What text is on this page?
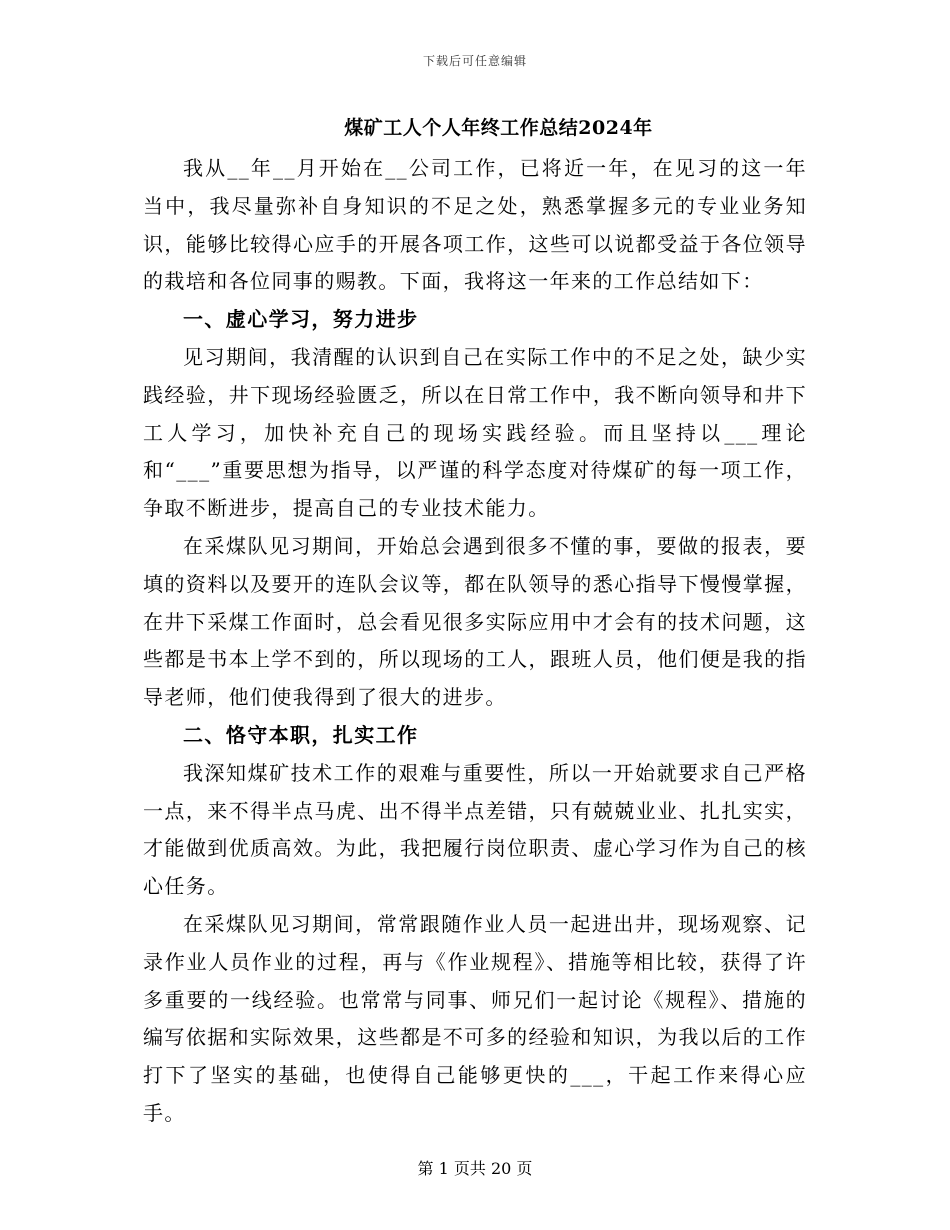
下载后可任意编辑
煤矿工人个人年终工作总结2024年

我从__年__月开始在__公司工作，已将近一年，在见习的这一年当中，我尽量弥补自身知识的不足之处，熟悉掌握多元的专业业务知识，能够比较得心应手的开展各项工作，这些可以说都受益于各位领导的栽培和各位同事的赐教。下面，我将这一年来的工作总结如下：

一、虚心学习，努力进步

见习期间，我清醒的认识到自己在实际工作中的不足之处，缺少实践经验，井下现场经验匮乏，所以在日常工作中，我不断向领导和井下工人学习，加快补充自己的现场实践经验。而且坚持以___理论和“___”重要思想为指导，以严谨的科学态度对待煤矿的每一项工作，争取不断进步，提高自己的专业技术能力。

在采煤队见习期间，开始总会遇到很多不懂的事，要做的报表，要填的资料以及要开的连队会议等，都在队领导的悉心指导下慢慢掌握，在井下采煤工作面时，总会看见很多实际应用中才会有的技术问题，这些都是书本上学不到的，所以现场的工人，跟班人员，他们便是我的指导老师，他们使我得到了很大的进步。

二、恪守本职，扎实工作

我深知煤矿技术工作的艰难与重要性，所以一开始就要求自己严格一点，来不得半点马虎、出不得半点差错，只有兢兢业业、扎扎实实，才能做到优质高效。为此，我把履行岗位职责、虚心学习作为自己的核心任务。

在采煤队见习期间，常常跟随作业人员一起进出井，现场观察、记录作业人员作业的过程，再与《作业规程》、措施等相比较，获得了许多重要的一线经验。也常常与同事、师兄们一起讨论《规程》、措施的编写依据和实际效果，这些都是不可多的经验和知识，为我以后的工作打下了坚实的基础，也使得自己能够更快的___，干起工作来得心应手。

第 1 页共 20 页
